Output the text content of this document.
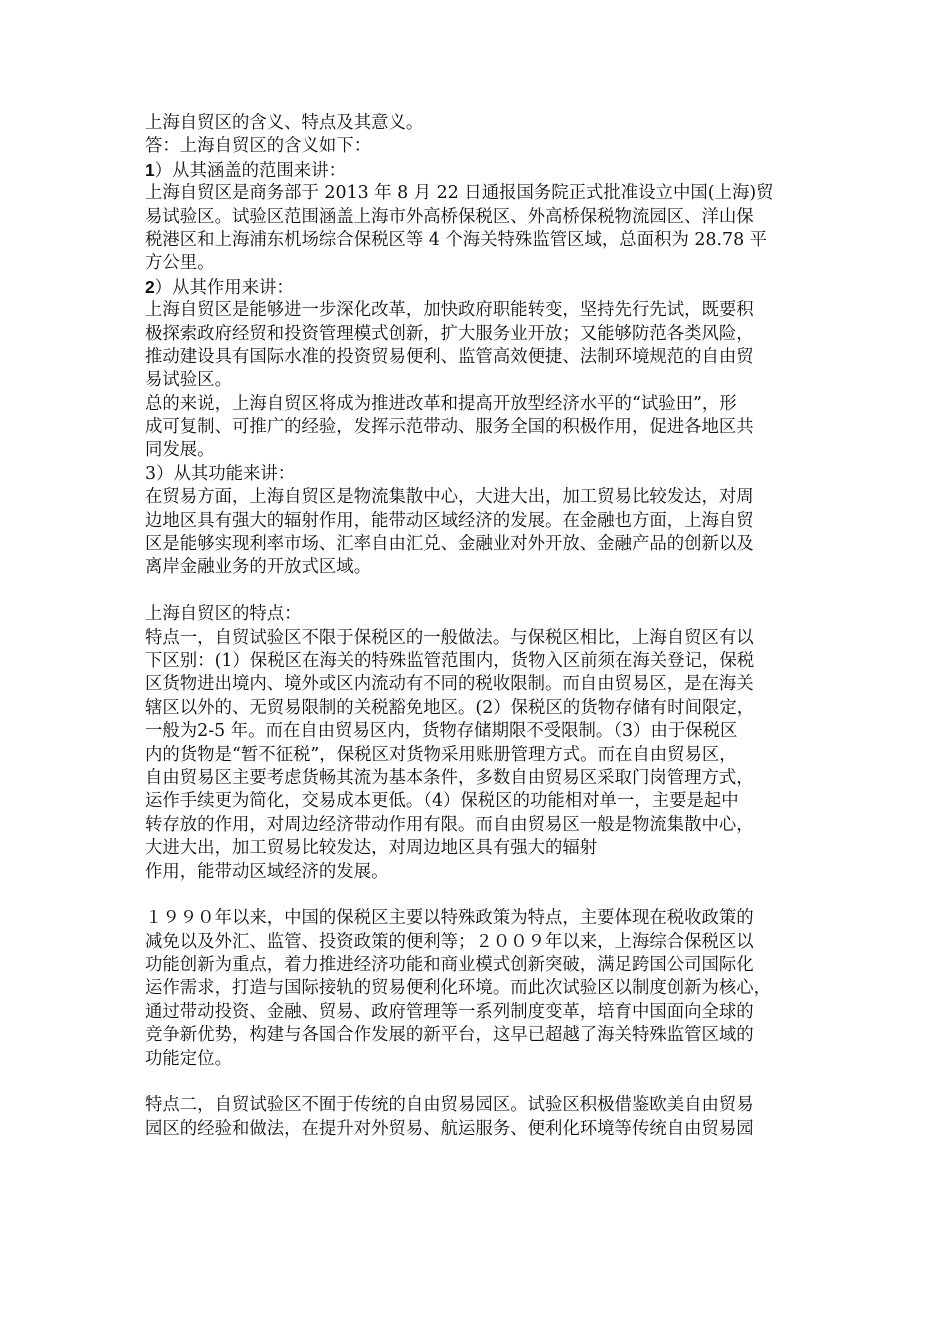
上海自贸区的含义、特点及其意义。
答：上海自贸区的含义如下：
1）从其涵盖的范围来讲：
上海自贸区是商务部于 2013 年 8 月 22 日通报国务院正式批准设立中国(上海)贸
易试验区。试验区范围涵盖上海市外高桥保税区、外高桥保税物流园区、洋山保
税港区和上海浦东机场综合保税区等 4 个海关特殊监管区域，总面积为 28.78 平
方公里。
2）从其作用来讲：
上海自贸区是能够进一步深化改革，加快政府职能转变，坚持先行先试，既要积
极探索政府经贸和投资管理模式创新，扩大服务业开放；又能够防范各类风险，
推动建设具有国际水准的投资贸易便利、监管高效便捷、法制环境规范的自由贸
易试验区。
总的来说，上海自贸区将成为推进改革和提高开放型经济水平的“试验田”，形
成可复制、可推广的经验，发挥示范带动、服务全国的积极作用，促进各地区共
同发展。
3）从其功能来讲：
在贸易方面，上海自贸区是物流集散中心，大进大出，加工贸易比较发达，对周
边地区具有强大的辐射作用，能带动区域经济的发展。在金融也方面，上海自贸
区是能够实现利率市场、汇率自由汇兑、金融业对外开放、金融产品的创新以及
离岸金融业务的开放式区域。
上海自贸区的特点：
特点一，自贸试验区不限于保税区的一般做法。与保税区相比，上海自贸区有以
下区别：(1）保税区在海关的特殊监管范围内，货物入区前须在海关登记，保税
区货物进出境内、境外或区内流动有不同的税收限制。而自由贸易区，是在海关
辖区以外的、无贸易限制的关税豁免地区。(2）保税区的货物存储有时间限定，
一般为2-5 年。而在自由贸易区内，货物存储期限不受限制。（3）由于保税区
内的货物是“暂不征税”，保税区对货物采用账册管理方式。而在自由贸易区，
自由贸易区主要考虑货畅其流为基本条件，多数自由贸易区采取门岗管理方式，
运作手续更为简化，交易成本更低。（4）保税区的功能相对单一，主要是起中
转存放的作用，对周边经济带动作用有限。而自由贸易区一般是物流集散中心，
大进大出，加工贸易比较发达，对周边地区具有强大的辐射
作用，能带动区域经济的发展。
１９９０年以来，中国的保税区主要以特殊政策为特点，主要体现在税收政策的
减免以及外汇、监管、投资政策的便利等；２００９年以来，上海综合保税区以
功能创新为重点，着力推进经济功能和商业模式创新突破，满足跨国公司国际化
运作需求，打造与国际接轨的贸易便利化环境。而此次试验区以制度创新为核心，
通过带动投资、金融、贸易、政府管理等一系列制度变革，培育中国面向全球的
竞争新优势，构建与各国合作发展的新平台，这早已超越了海关特殊监管区域的
功能定位。
特点二，自贸试验区不囿于传统的自由贸易园区。试验区积极借鉴欧美自由贸易
园区的经验和做法，在提升对外贸易、航运服务、便利化环境等传统自由贸易园
